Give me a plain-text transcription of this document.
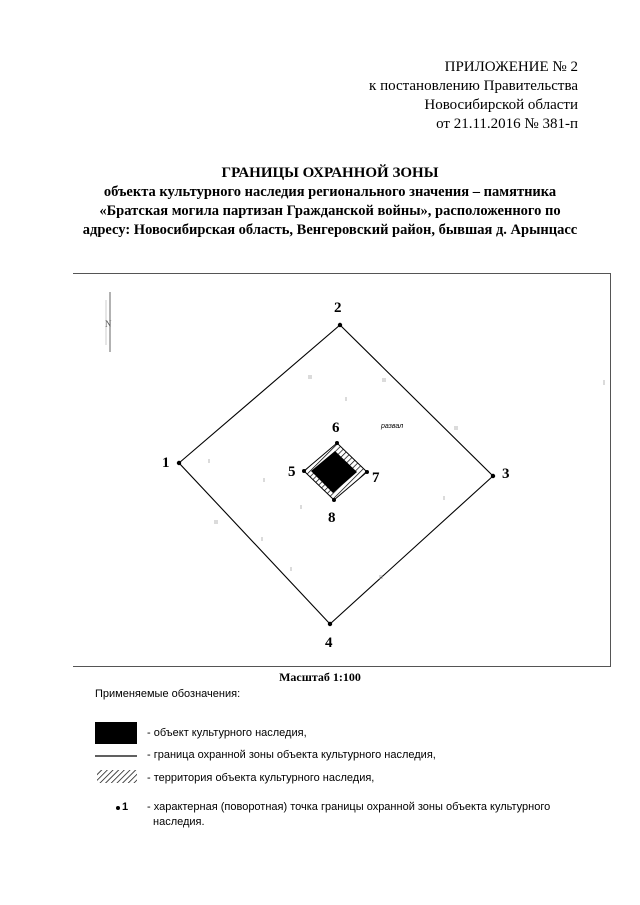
ПРИЛОЖЕНИЕ № 2
к постановлению Правительства
Новосибирской области
от 21.11.2016 № 381-п
ГРАНИЦЫ ОХРАННОЙ ЗОНЫ
объекта культурного наследия регионального значения – памятника
«Братская могила партизан Гражданской войны», расположенного по
адресу: Новосибирская область, Венгеровский район, бывшая д. Арынцасс
N
1
2
3
4
5
6
7
8
развал
Масштаб 1:100
Применяемые обозначения:
- объект культурного наследия,
- граница охранной зоны объекта культурного наследия,
- территория объекта культурного наследия,
1 - характерная (поворотная) точка границы охранной зоны объекта культурного
наследия.
